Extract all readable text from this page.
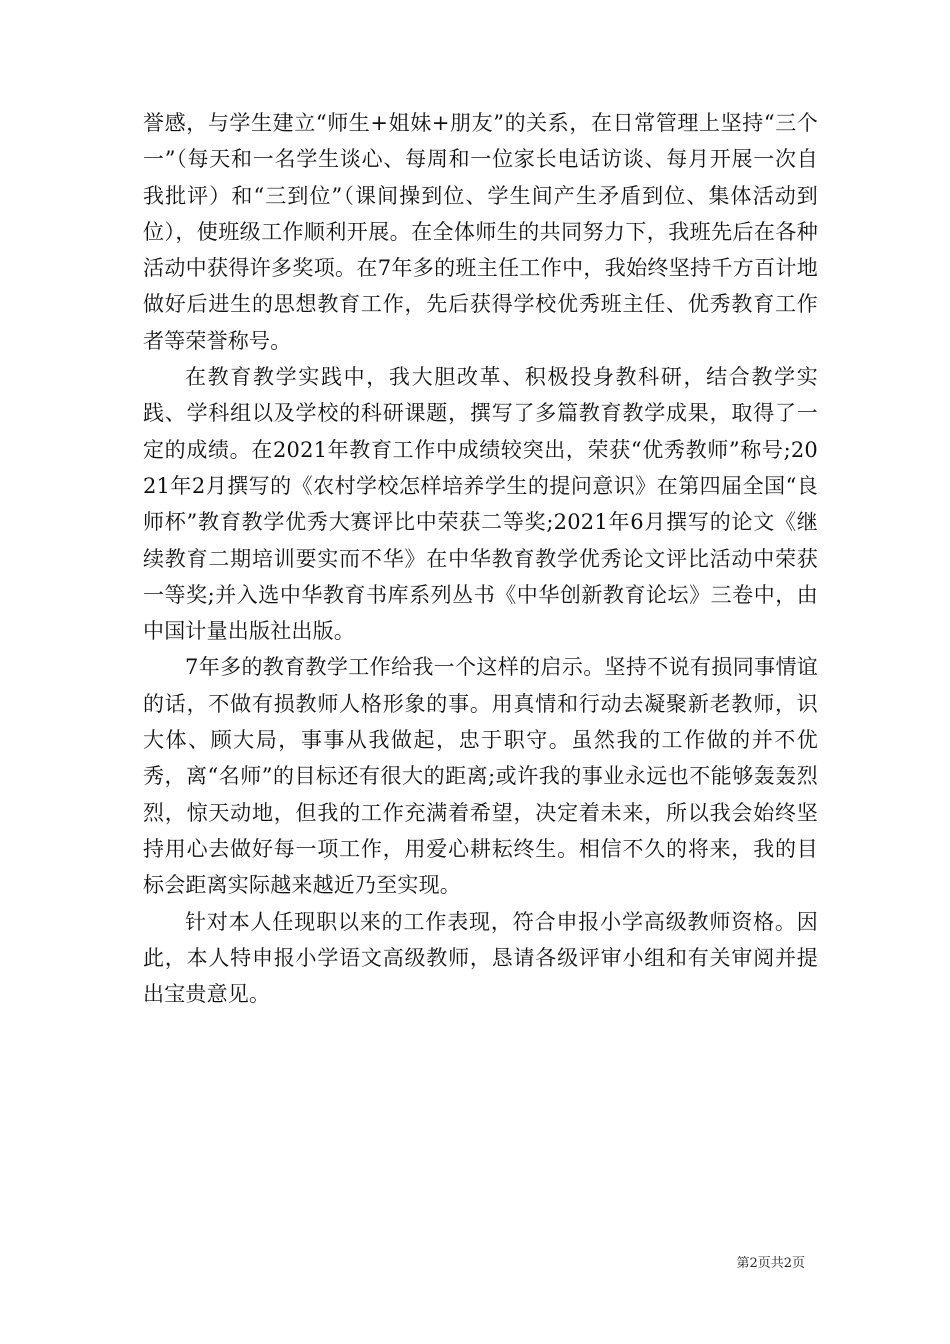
誉感，与学生建立“师生+姐妹+朋友”的关系，在日常管理上坚持“三个一”（每天和一名学生谈心、每周和一位家长电话访谈、每月开展一次自我批评）和“三到位”（课间操到位、学生间产生矛盾到位、集体活动到位），使班级工作顺利开展。在全体师生的共同努力下，我班先后在各种活动中获得许多奖项。在7年多的班主任工作中，我始终坚持千方百计地做好后进生的思想教育工作，先后获得学校优秀班主任、优秀教育工作者等荣誉称号。

在教育教学实践中，我大胆改革、积极投身教科研，结合教学实践、学科组以及学校的科研课题，撰写了多篇教育教学成果，取得了一定的成绩。在2021年教育工作中成绩较突出，荣获“优秀教师”称号;2021年2月撰写的《农村学校怎样培养学生的提问意识》在第四届全国“良师杯”教育教学优秀大赛评比中荣获二等奖;2021年6月撰写的论文《继续教育二期培训要实而不华》在中华教育教学优秀论文评比活动中荣获一等奖;并入选中华教育书库系列丛书《中华创新教育论坛》三卷中，由中国计量出版社出版。

7年多的教育教学工作给我一个这样的启示。坚持不说有损同事情谊的话，不做有损教师人格形象的事。用真情和行动去凝聚新老教师，识大体、顾大局，事事从我做起，忠于职守。虽然我的工作做的并不优秀，离“名师”的目标还有很大的距离;或许我的事业永远也不能够轰轰烈烈，惊天动地，但我的工作充满着希望，决定着未来，所以我会始终坚持用心去做好每一项工作，用爱心耕耘终生。相信不久的将来，我的目标会距离实际越来越近乃至实现。

针对本人任现职以来的工作表现，符合申报小学高级教师资格。因此，本人特申报小学语文高级教师，恳请各级评审小组和有关审阅并提出宝贵意见。

第2页共2页
